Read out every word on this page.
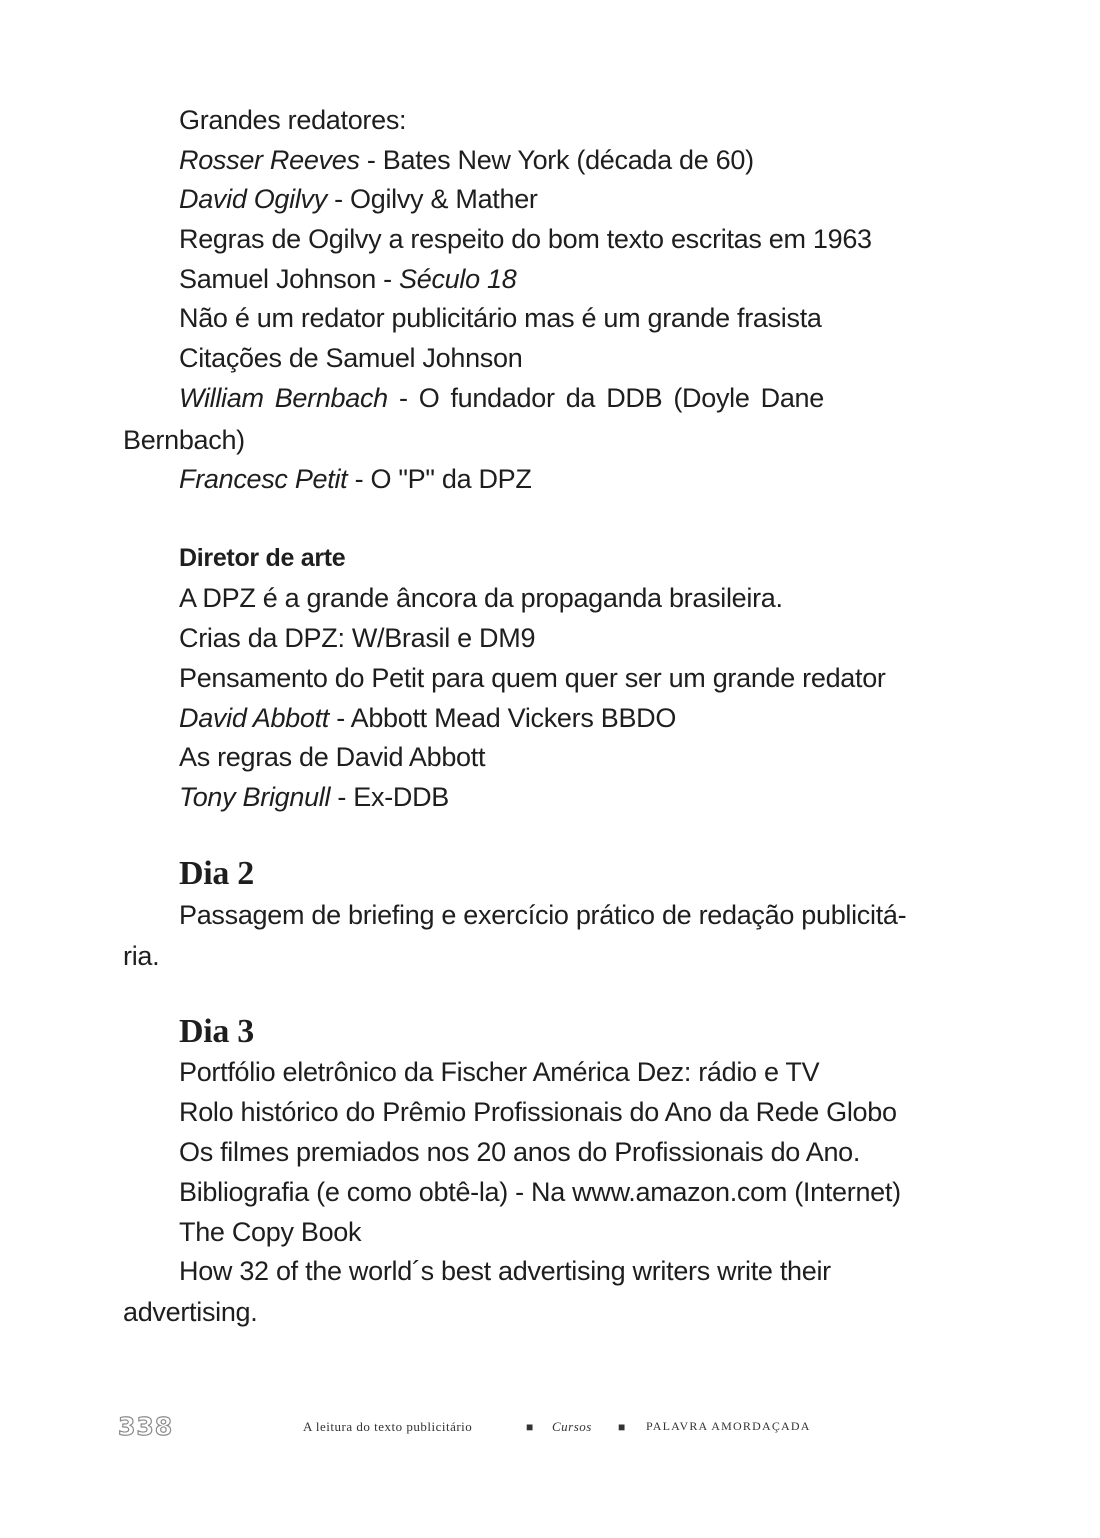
Grandes redatores:
Rosser Reeves - Bates New York (década de 60)
David Ogilvy - Ogilvy & Mather
Regras de Ogilvy a respeito do bom texto escritas em 1963
Samuel Johnson - Século 18
Não é um redator publicitário mas é um grande frasista
Citações de Samuel Johnson
William Bernbach - O fundador da DDB (Doyle Dane
Bernbach)
Francesc Petit - O "P" da DPZ
Diretor de arte
A DPZ é a grande âncora da propaganda brasileira.
Crias da DPZ: W/Brasil e DM9
Pensamento do Petit para quem quer ser um grande redator
David Abbott - Abbott Mead Vickers BBDO
As regras de David Abbott
Tony Brignull - Ex-DDB
Dia 2
Passagem de briefing e exercício prático de redação publicitá-
ria.
Dia 3
Portfólio eletrônico da Fischer América Dez: rádio e TV
Rolo histórico do Prêmio Profissionais do Ano da Rede Globo
Os filmes premiados nos 20 anos do Profissionais do Ano.
Bibliografia (e como obtê-la) - Na www.amazon.com (Internet)
The Copy Book
How 32 of the world´s best advertising writers write their
advertising.
338	A leitura do texto publicitário	■ Cursos ■ PALAVRA AMORDAÇADA
